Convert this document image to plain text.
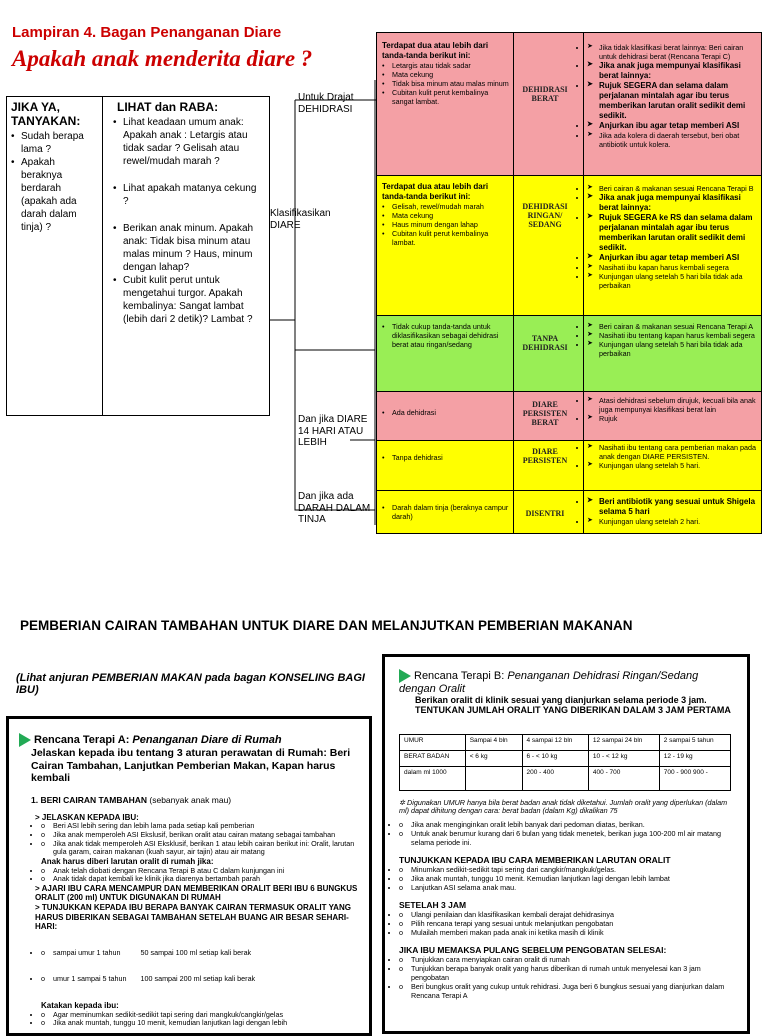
Lampiran 4. Bagan Penanganan Diare
Apakah anak menderita diare ?
JIKA YA, TANYAKAN:
• Sudah berapa lama ?
• Apakah beraknya berdarah (apakah ada darah dalam tinja) ?
LIHAT dan RABA:
• Lihat keadaan umum anak: Apakah anak : Letargis atau tidak sadar ? Gelisah atau rewel/mudah marah ?
• Lihat apakah matanya cekung ?
• Berikan anak minum. Apakah anak: Tidak bisa minum atau malas minum ? Haus, minum dengan lahap?
• Cubit kulit perut untuk mengetahui turgor. Apakah kembalinya: Sangat lambat (lebih dari 2 detik)? Lambat ?
Untuk Drajat DEHIDRASI
Klasifikasikan DIARE
Dan jika DIARE 14 HARI ATAU LEBIH
Dan jika ada DARAH DALAM TINJA
Terdapat dua atau lebih dari tanda-tanda berikut ini:
• Letargis atau tidak sadar
• Mata cekung
• Tidak bisa minum atau malas minum
• Cubitan kulit perut kembalinya sangat lambat.
DEHIDRASI BERAT
➤ • Jika tidak klasifikasi berat lainnya: Beri cairan untuk dehidrasi berat (Rencana Terapi C)
➤ • Jika anak juga mempunyai klasifikasi berat lainnya:
➤ • Rujuk SEGERA dan selama dalam perjalanan mintalah agar ibu terus memberikan larutan oralit sedikit demi sedikit.
➤ • Anjurkan ibu agar tetap memberi ASI
➤ • Jika ada kolera di daerah tersebut, beri obat antibiotik untuk kolera.
Terdapat dua atau lebih dari tanda-tanda berikut ini:
• Gelisah, rewel/mudah marah
• Mata cekung
• Haus minum dengan lahap
• Cubitan kulit perut kembalinya lambat.
DEHIDRASI RINGAN/ SEDANG
➤ • Beri cairan & makanan sesuai Rencana Terapi B
➤ • Jika anak juga mempunyai klasifikasi berat lainnya:
➤ • Rujuk SEGERA ke RS dan selama dalam perjalanan mintalah agar ibu terus memberikan larutan oralit sedikit demi sedikit.
➤ • Anjurkan ibu agar tetap memberi ASI
➤ • Nasihati ibu kapan harus kembali segera
➤ • Kunjungan ulang setelah 5 hari bila tidak ada perbaikan
• Tidak cukup tanda-tanda untuk diklasifikasikan sebagai dehidrasi berat atau ringan/sedang
TANPA DEHIDRASI
➤ • Beri cairan & makanan sesuai Rencana Terapi A
➤ • Nasihati ibu tentang kapan harus kembali segera
➤ • Kunjungan ulang setelah 5 hari bila tidak ada perbaikan
• Ada dehidrasi
DIARE PERSISTEN BERAT
➤ • Atasi dehidrasi sebelum dirujuk, kecuali bila anak juga mempunyai klasifikasi berat lain
➤ • Rujuk
• Tanpa dehidrasi
DIARE PERSISTEN
➤ • Nasihati ibu tentang cara pemberian makan pada anak dengan DIARE PERSISTEN.
➤ • Kunjungan ulang setelah 5 hari.
• Darah dalam tinja (beraknya campur darah)	DISENTRI
➤ • Beri antibiotik yang sesuai untuk Shigela selama 5 hari
➤ • Kunjungan ulang setelah 2 hari.
PEMBERIAN CAIRAN TAMBAHAN UNTUK DIARE DAN MELANJUTKAN PEMBERIAN MAKANAN
(Lihat anjuran PEMBERIAN MAKAN pada bagan KONSELING BAGI IBU)
Rencana Terapi A: Penanganan Diare di Rumah
Jelaskan kepada ibu tentang 3 aturan perawatan di Rumah: Beri Cairan Tambahan, Lanjutkan Pemberian Makan, Kapan harus kembali
1. BERI CAIRAN TAMBAHAN (sebanyak anak mau)
> JELASKAN KEPADA IBU:
o • Beri ASI lebih sering dan lebih lama pada setiap kali pemberian
o • Jika anak memperoleh ASI Ekslusif, berikan oralit atau cairan matang sebagai tambahan
o • Jika anak tidak memperoleh ASI Eksklusif, berikan 1 atau lebih cairan berikut ini: Oralit, larutan gula garam, cairan makanan (kuah sayur, air tajin) atau air matang
Anak harus diberi larutan oralit di rumah jika:
o • Anak telah diobati dengan Rencana Terapi B atau C dalam kunjungan ini
o • Anak tidak dapat kembali ke klinik jika diarenya bertambah parah
> AJARI IBU CARA MENCAMPUR DAN MEMBERIKAN ORALIT BERI IBU 6 BUNGKUS ORALIT (200 ml) UNTUK DIGUNAKAN DI RUMAH
> TUNJUKKAN KEPADA IBU BERAPA BANYAK CAIRAN TERMASUK ORALIT YANG HARUS DIBERIKAN SEBAGAI TAMBAHAN SETELAH BUANG AIR BESAR SEHARI-HARI:

o • sampai umur 1 tahun          50 sampai 100 ml setiap kali berak

o • umur 1 sampai 5 tahun       100 sampai 200 ml setiap kali berak

Katakan kepada ibu:
o • Agar meminumkan sedikit-sedikit tapi sering dari mangkuk/cangkir/gelas
o • Jika anak muntah, tunggu 10 menit, kemudian lanjutkan lagi dengan lebih
Rencana Terapi B: Penanganan Dehidrasi Ringan/Sedang dengan Oralit
Berikan oralit di klinik sesuai yang dianjurkan selama periode 3 jam.
TENTUKAN JUMLAH ORALIT YANG DIBERIKAN DALAM 3 JAM PERTAMA
UMUR	Sampai 4 bln	4 sampai 12 bln	12 sampai 24 bln	2 sampai 5 tahun
BERAT BADAN	< 6 kg	6 - < 10 kg	10 - < 12 kg	12 - 19 kg
dalam ml 1000		200 - 400	400 - 700	700 - 900 900 -
✲ Digunakan UMUR hanya bila berat badan anak tidak diketahui. Jumlah oralit yang diperlukan (dalam ml) dapat dihitung dengan cara: berat badan (dalam Kg) dikalikan 75
o • Jika anak menginginkan oralit lebih banyak dari pedoman diatas, berikan.
o • Untuk anak berumur kurang dari 6 bulan yang tidak menetek, berikan juga 100-200 ml air matang selama periode ini.
TUNJUKKAN KEPADA IBU CARA MEMBERIKAN LARUTAN ORALIT
o • Minumkan sedikit-sedikit tapi sering dari cangkir/mangkuk/gelas.
o • Jika anak muntah, tunggu 10 menit. Kemudian lanjutkan lagi dengan lebih lambat
o • Lanjutkan ASI selama anak mau.
SETELAH 3 JAM
o • Ulangi penilaian dan klasifikasikan kembali derajat dehidrasinya
o • Pilih rencana terapi yang sesuai untuk melanjutkan pengobatan
o • Mulailah memberi makan pada anak ini ketika masih di klinik
JIKA IBU MEMAKSA PULANG SEBELUM PENGOBATAN SELESAI:
o • Tunjukkan cara menyiapkan cairan oralit di rumah
o • Tunjukkan berapa banyak oralit yang harus diberikan di rumah untuk menyelesai kan 3 jam pengobatan
o • Beri bungkus oralit yang cukup untuk rehidrasi. Juga beri 6 bungkus sesuai yang dianjurkan dalam Rencana Terapi A
